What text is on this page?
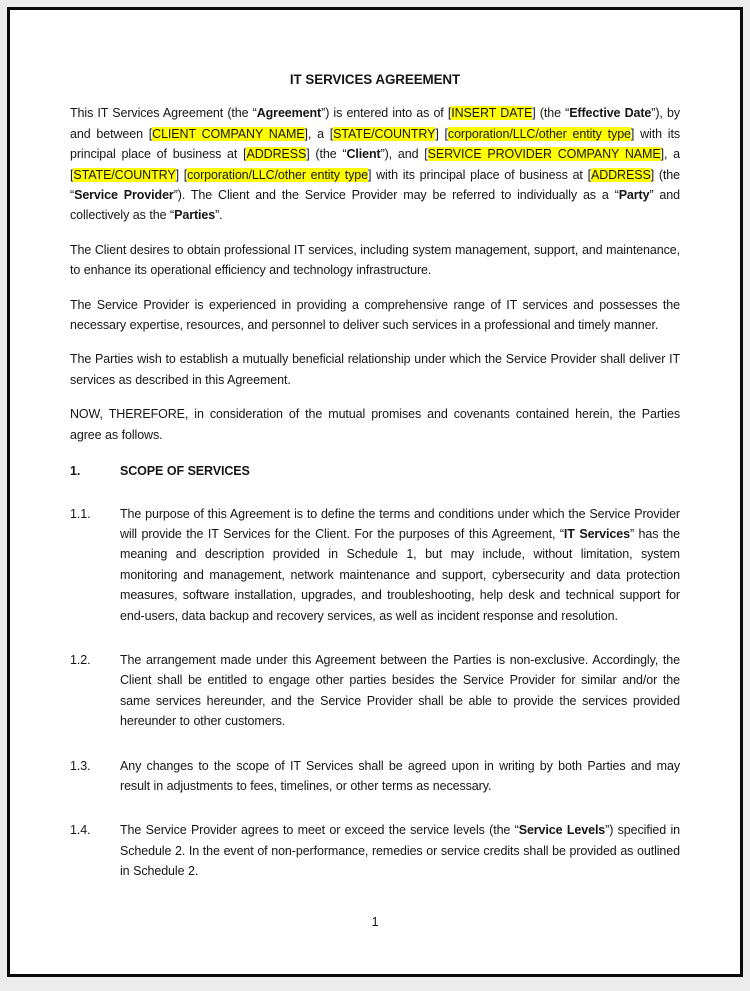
IT SERVICES AGREEMENT

This IT Services Agreement (the “Agreement”) is entered into as of [INSERT DATE] (the “Effective Date”), by and between [CLIENT COMPANY NAME], a [STATE/COUNTRY] [corporation/LLC/other entity type] with its principal place of business at [ADDRESS] (the “Client”), and [SERVICE PROVIDER COMPANY NAME], a [STATE/COUNTRY] [corporation/LLC/other entity type] with its principal place of business at [ADDRESS] (the “Service Provider”). The Client and the Service Provider may be referred to individually as a “Party” and collectively as the “Parties”.

The Client desires to obtain professional IT services, including system management, support, and maintenance, to enhance its operational efficiency and technology infrastructure.

The Service Provider is experienced in providing a comprehensive range of IT services and possesses the necessary expertise, resources, and personnel to deliver such services in a professional and timely manner.

The Parties wish to establish a mutually beneficial relationship under which the Service Provider shall deliver IT services as described in this Agreement.

NOW, THEREFORE, in consideration of the mutual promises and covenants contained herein, the Parties agree as follows.

1.	SCOPE OF SERVICES
1.1.	The purpose of this Agreement is to define the terms and conditions under which the Service Provider will provide the IT Services for the Client. For the purposes of this Agreement, “IT Services” has the meaning and description provided in Schedule 1, but may include, without limitation, system monitoring and management, network maintenance and support, cybersecurity and data protection measures, software installation, upgrades, and troubleshooting, help desk and technical support for end-users, data backup and recovery services, as well as incident response and resolution.
1.2.	The arrangement made under this Agreement between the Parties is non-exclusive. Accordingly, the Client shall be entitled to engage other parties besides the Service Provider for similar and/or the same services hereunder, and the Service Provider shall be able to provide the services provided hereunder to other customers.
1.3.	Any changes to the scope of IT Services shall be agreed upon in writing by both Parties and may result in adjustments to fees, timelines, or other terms as necessary.
1.4.	The Service Provider agrees to meet or exceed the service levels (the “Service Levels”) specified in Schedule 2. In the event of non-performance, remedies or service credits shall be provided as outlined in Schedule 2.
1
